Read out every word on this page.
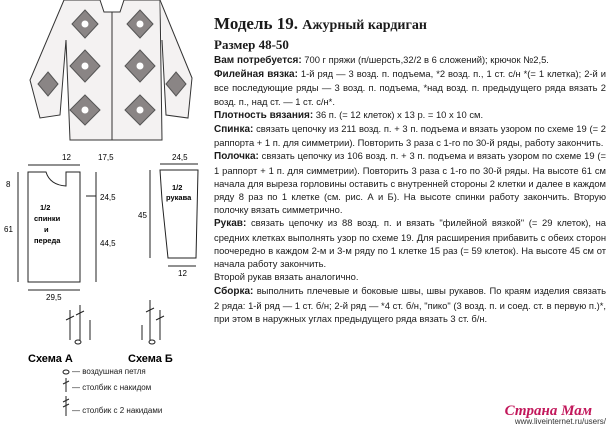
12	17,5
8
24,5
61
44,5
29,5
1/2
спинки
и
переда
24,5
45
12
1/2
рукава
Схема А	Схема Б
— воздушная петля
— столбик с накидом
— столбик с 2 накидами
Модель 19. Ажурный кардиган
Размер 48-50

Вам потребуется: 700 г пряжи (п/шерсть,32/2 в 6 сложений); крючок №2,5.

Филейная вязка: 1-й ряд — 3 возд. п. подъема, *2 возд. п., 1 ст. с/н *(= 1 клетка); 2-й и все последующие ряды — 3 возд. п. подъема, *над возд. п. предыдущего ряда вязать 2 возд. п., над ст. — 1 ст. с/н*.

Плотность вязания: 36 п. (= 12 клеток) х 13 р. = 10 х 10 см.

Спинка: связать цепочку из 211 возд. п. + 3 п. подъема и вязать узором по схеме 19 (= 2 раппорта + 1 п. для симметрии). Повторить 3 раза с 1-го по 30-й ряды, работу закончить.

Полочка: связать цепочку из 106 возд. п. + 3 п. подъема и вязать узором по схеме 19 (= 1 раппорт + 1 п. для симметрии). Повторить 3 раза с 1-го по 30-й ряды. На высоте 61 см начала для выреза горловины оставить с внутренней стороны 2 клетки и далее в каждом ряду 8 раз по 1 клетке (см. рис. А и Б). На высоте спинки работу закончить. Вторую полочку вязать симметрично.

Рукав: связать цепочку из 88 возд. п. и вязать "филейной вязкой" (= 29 клеток), на средних клетках выполнять узор по схеме 19. Для расширения прибавить с обеих сторон поочередно в каждом 2-м и 3-м ряду по 1 клетке 15 раз (= 59 клеток). На высоте 45 см от начала работу закончить.

Второй рукав вязать аналогично.

Сборка: выполнить плечевые и боковые швы, швы рукавов. По краям изделия связать 2 ряда: 1-й ряд — 1 ст. б/н; 2-й ряд — *4 ст. б/н, "пико" (3 возд. п. и соед. ст. в первую п.)*, при этом в наружных углах предыдущего ряда вязать 3 ст. б/н.

Страна Мам
www.liveinternet.ru/users/
